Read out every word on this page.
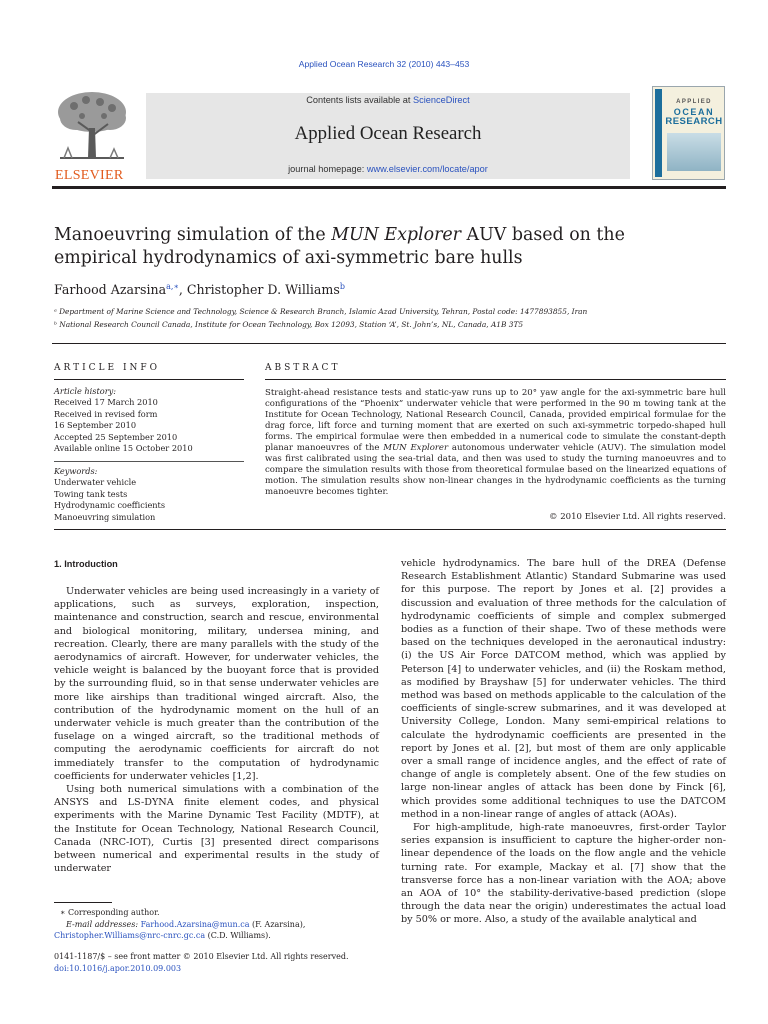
Applied Ocean Research 32 (2010) 443–453
ELSEVIER
Contents lists available at ScienceDirect
Applied Ocean Research
journal homepage: www.elsevier.com/locate/apor
APPLIED
OCEAN
RESEARCH
Manoeuvring simulation of the MUN Explorer AUV based on the empirical hydrodynamics of axi-symmetric bare hulls
Farhood Azarsina$^{a,∗}$, Christopher D. Williams$^b$
ᵃ Department of Marine Science and Technology, Science & Research Branch, Islamic Azad University, Tehran, Postal code: 1477893855, Iran
ᵇ National Research Council Canada, Institute for Ocean Technology, Box 12093, Station ‘A’, St. John’s, NL, Canada, A1B 3T5
ARTICLE INFO
Article history:
Received 17 March 2010
Received in revised form
16 September 2010
Accepted 25 September 2010
Available online 15 October 2010
Keywords:
Underwater vehicle
Towing tank tests
Hydrodynamic coefficients
Manoeuvring simulation
ABSTRACT
Straight-ahead resistance tests and static-yaw runs up to 20° yaw angle for the axi-symmetric bare hull configurations of the “Phoenix” underwater vehicle that were performed in the 90 m towing tank at the Institute for Ocean Technology, National Research Council, Canada, provided empirical formulae for the drag force, lift force and turning moment that are exerted on such axi-symmetric torpedo-shaped hull forms. The empirical formulae were then embedded in a numerical code to simulate the constant-depth planar manoeuvres of the MUN Explorer autonomous underwater vehicle (AUV). The simulation model was first calibrated using the sea-trial data, and then was used to study the turning manoeuvres and to compare the simulation results with those from theoretical formulae based on the linearized equations of motion. The simulation results show non-linear changes in the hydrodynamic coefficients as the turning manoeuvre becomes tighter.
© 2010 Elsevier Ltd. All rights reserved.
1. Introduction

Underwater vehicles are being used increasingly in a variety of applications, such as surveys, exploration, inspection, maintenance and construction, search and rescue, environmental and biological monitoring, military, undersea mining, and recreation. Clearly, there are many parallels with the study of the aerodynamics of aircraft. However, for underwater vehicles, the vehicle weight is balanced by the buoyant force that is provided by the surrounding fluid, so in that sense underwater vehicles are more like airships than traditional winged aircraft. Also, the contribution of the hydrodynamic moment on the hull of an underwater vehicle is much greater than the contribution of the fuselage on a winged aircraft, so the traditional methods of computing the aerodynamic coefficients for aircraft do not immediately transfer to the computation of hydrodynamic coefficients for underwater vehicles [1,2].

Using both numerical simulations with a combination of the ANSYS and LS-DYNA finite element codes, and physical experiments with the Marine Dynamic Test Facility (MDTF), at the Institute for Ocean Technology, National Research Council, Canada (NRC-IOT), Curtis [3] presented direct comparisons between numerical and experimental results in the study of underwater

vehicle hydrodynamics. The bare hull of the DREA (Defense Research Establishment Atlantic) Standard Submarine was used for this purpose. The report by Jones et al. [2] provides a discussion and evaluation of three methods for the calculation of hydrodynamic coefficients of simple and complex submerged bodies as a function of their shape. Two of these methods were based on the techniques developed in the aeronautical industry: (i) the US Air Force DATCOM method, which was applied by Peterson [4] to underwater vehicles, and (ii) the Roskam method, as modified by Brayshaw [5] for underwater vehicles. The third method was based on methods applicable to the calculation of the coefficients of single-screw submarines, and it was developed at University College, London. Many semi-empirical relations to calculate the hydrodynamic coefficients are presented in the report by Jones et al. [2], but most of them are only applicable over a small range of incidence angles, and the effect of rate of change of angle is completely absent. One of the few studies on large non-linear angles of attack has been done by Finck [6], which provides some additional techniques to use the DATCOM method in a non-linear range of angles of attack (AOAs).

For high-amplitude, high-rate manoeuvres, first-order Taylor series expansion is insufficient to capture the higher-order non-linear dependence of the loads on the flow angle and the vehicle turning rate. For example, Mackay et al. [7] show that the transverse force has a non-linear variation with the AOA; above an AOA of 10° the stability-derivative-based prediction (slope through the data near the origin) underestimates the actual load by 50% or more. Also, a study of the available analytical and

∗ Corresponding author.
E-mail addresses: Farhood.Azarsina@mun.ca (F. Azarsina),
Christopher.Williams@nrc-cnrc.gc.ca (C.D. Williams).
0141-1187/$ – see front matter © 2010 Elsevier Ltd. All rights reserved.
doi:10.1016/j.apor.2010.09.003
